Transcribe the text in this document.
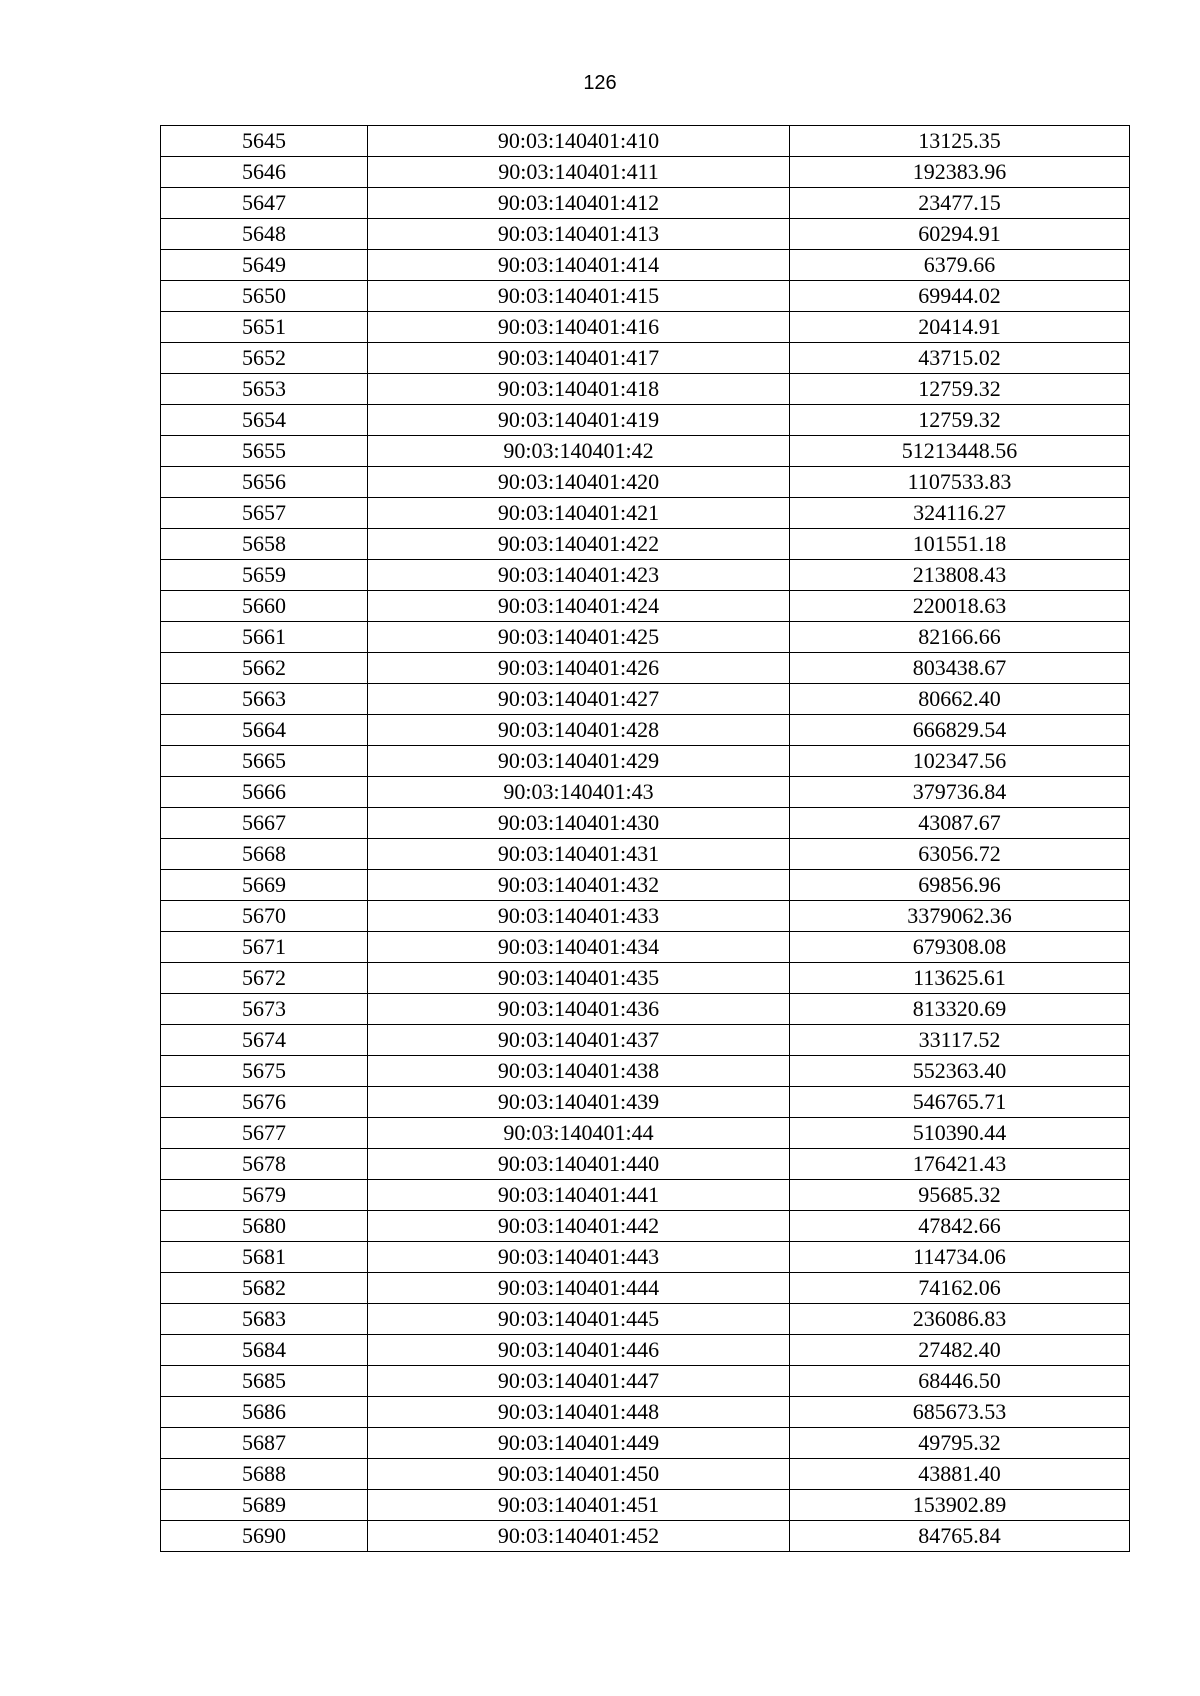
126
5645	90:03:140401:410	13125.35
5646	90:03:140401:411	192383.96
5647	90:03:140401:412	23477.15
5648	90:03:140401:413	60294.91
5649	90:03:140401:414	6379.66
5650	90:03:140401:415	69944.02
5651	90:03:140401:416	20414.91
5652	90:03:140401:417	43715.02
5653	90:03:140401:418	12759.32
5654	90:03:140401:419	12759.32
5655	90:03:140401:42	51213448.56
5656	90:03:140401:420	1107533.83
5657	90:03:140401:421	324116.27
5658	90:03:140401:422	101551.18
5659	90:03:140401:423	213808.43
5660	90:03:140401:424	220018.63
5661	90:03:140401:425	82166.66
5662	90:03:140401:426	803438.67
5663	90:03:140401:427	80662.40
5664	90:03:140401:428	666829.54
5665	90:03:140401:429	102347.56
5666	90:03:140401:43	379736.84
5667	90:03:140401:430	43087.67
5668	90:03:140401:431	63056.72
5669	90:03:140401:432	69856.96
5670	90:03:140401:433	3379062.36
5671	90:03:140401:434	679308.08
5672	90:03:140401:435	113625.61
5673	90:03:140401:436	813320.69
5674	90:03:140401:437	33117.52
5675	90:03:140401:438	552363.40
5676	90:03:140401:439	546765.71
5677	90:03:140401:44	510390.44
5678	90:03:140401:440	176421.43
5679	90:03:140401:441	95685.32
5680	90:03:140401:442	47842.66
5681	90:03:140401:443	114734.06
5682	90:03:140401:444	74162.06
5683	90:03:140401:445	236086.83
5684	90:03:140401:446	27482.40
5685	90:03:140401:447	68446.50
5686	90:03:140401:448	685673.53
5687	90:03:140401:449	49795.32
5688	90:03:140401:450	43881.40
5689	90:03:140401:451	153902.89
5690	90:03:140401:452	84765.84
